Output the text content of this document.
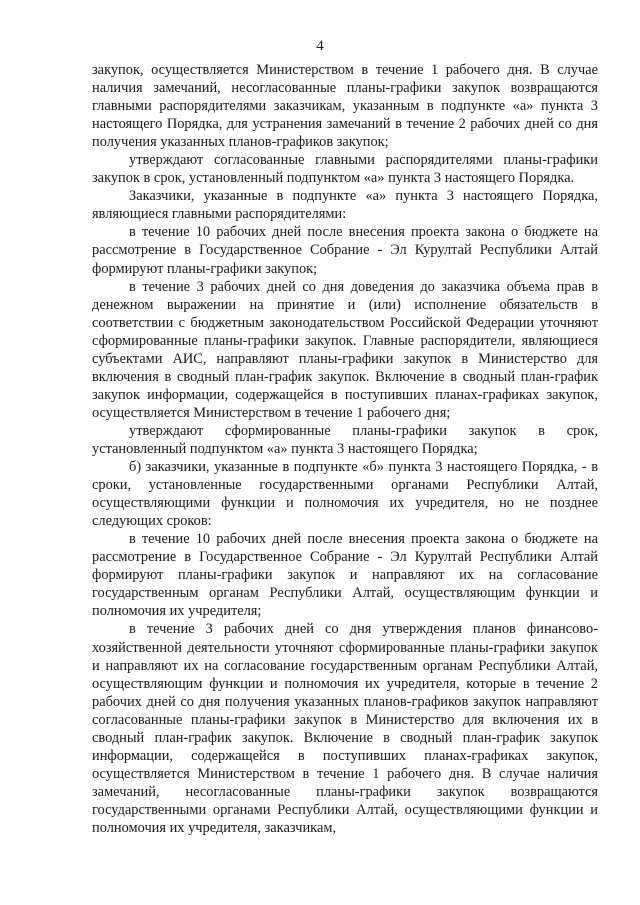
4

закупок, осуществляется Министерством в течение 1 рабочего дня. В случае наличия замечаний, несогласованные планы-графики закупок возвращаются главными распорядителями заказчикам, указанным в подпункте «а» пункта 3 настоящего Порядка, для устранения замечаний в течение 2 рабочих дней со дня получения указанных планов-графиков закупок;

утверждают согласованные главными распорядителями планы-графики закупок в срок, установленный подпунктом «а» пункта 3 настоящего Порядка.

Заказчики, указанные в подпункте «а» пункта 3 настоящего Порядка, являющиеся главными распорядителями:

в течение 10 рабочих дней после внесения проекта закона о бюджете на рассмотрение в Государственное Собрание - Эл Курултай Республики Алтай формируют планы-графики закупок;

в течение 3 рабочих дней со дня доведения до заказчика объема прав в денежном выражении на принятие и (или) исполнение обязательств в соответствии с бюджетным законодательством Российской Федерации уточняют сформированные планы-графики закупок. Главные распорядители, являющиеся субъектами АИС, направляют планы-графики закупок в Министерство для включения в сводный план-график закупок. Включение в сводный план-график закупок информации, содержащейся в поступивших планах-графиках закупок, осуществляется Министерством в течение 1 рабочего дня;

утверждают сформированные планы-графики закупок в срок, установленный подпунктом «а» пункта 3 настоящего Порядка;

б) заказчики, указанные в подпункте «б» пункта 3 настоящего Порядка, - в сроки, установленные государственными органами Республики Алтай, осуществляющими функции и полномочия их учредителя, но не позднее следующих сроков:

в течение 10 рабочих дней после внесения проекта закона о бюджете на рассмотрение в Государственное Собрание - Эл Курултай Республики Алтай формируют планы-графики закупок и направляют их на согласование государственным органам Республики Алтай, осуществляющим функции и полномочия их учредителя;

в течение 3 рабочих дней со дня утверждения планов финансово-хозяйственной деятельности уточняют сформированные планы-графики закупок и направляют их на согласование государственным органам Республики Алтай, осуществляющим функции и полномочия их учредителя, которые в течение 2 рабочих дней со дня получения указанных планов-графиков закупок направляют согласованные планы-графики закупок в Министерство для включения их в сводный план-график закупок. Включение в сводный план-график закупок информации, содержащейся в поступивших планах-графиках закупок, осуществляется Министерством в течение 1 рабочего дня. В случае наличия замечаний, несогласованные планы-графики закупок возвращаются государственными органами Республики Алтай, осуществляющими функции и полномочия их учредителя, заказчикам,
